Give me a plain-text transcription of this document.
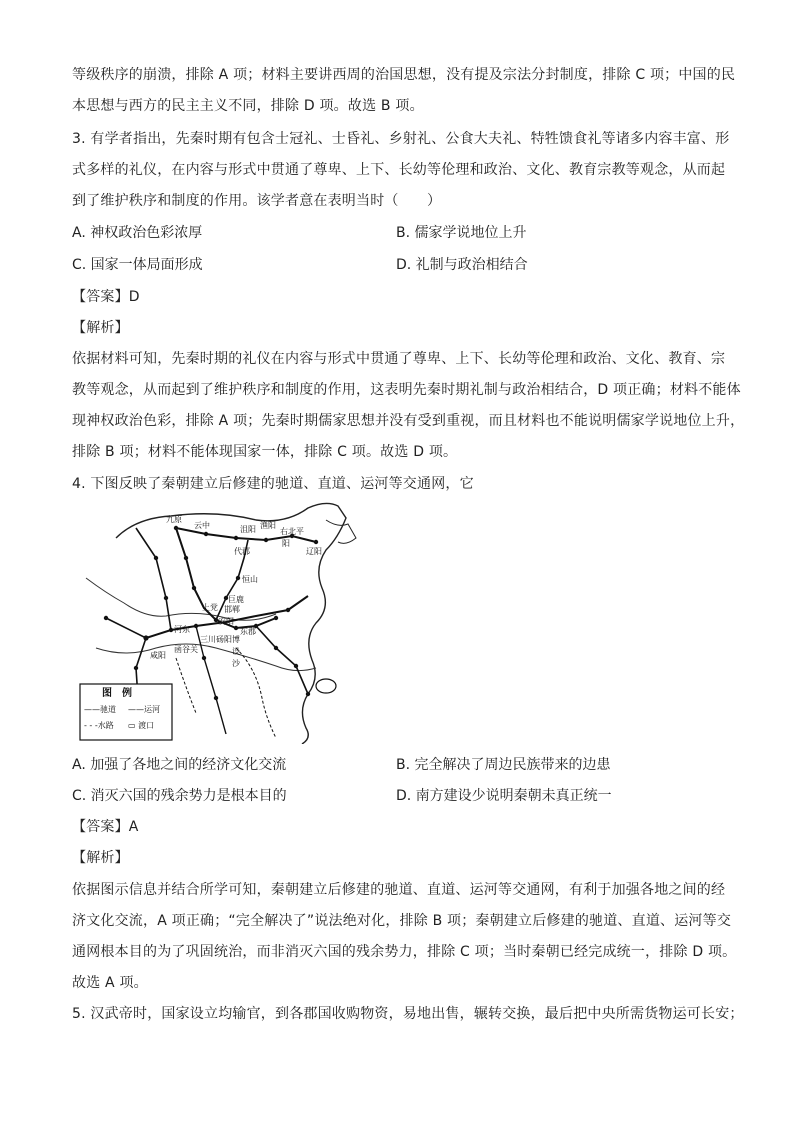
等级秩序的崩溃，排除 A 项；材料主要讲西周的治国思想，没有提及宗法分封制度，排除 C 项；中国的民
本思想与西方的民主主义不同，排除 D 项。故选 B 项。
3. 有学者指出，先秦时期有包含士冠礼、士昏礼、乡射礼、公食大夫礼、特牲馈食礼等诸多内容丰富、形
式多样的礼仪，在内容与形式中贯通了尊卑、上下、长幼等伦理和政治、文化、教育宗教等观念，从而起
到了维护秩序和制度的作用。该学者意在表明当时（　　）
A. 神权政治色彩浓厚	B. 儒家学说地位上升
C. 国家一体局面形成	D. 礼制与政治相结合
【答案】D
【解析】
依据材料可知，先秦时期的礼仪在内容与形式中贯通了尊卑、上下、长幼等伦理和政治、文化、教育、宗
教等观念，从而起到了维护秩序和制度的作用，这表明先秦时期礼制与政治相结合，D 项正确；材料不能体
现神权政治色彩，排除 A 项；先秦时期儒家思想并没有受到重视，而且材料也不能说明儒家学说地位上升，
排除 B 项；材料不能体现国家一体，排除 C 项。故选 D 项。
4. 下图反映了秦朝建立后修建的驰道、直道、运河等交通网，它
九原
云中	沮阳 渔阳
右北平
阳
辽阳
代郡
恒山
巨鹿
上党 邯郸
安阳
河东	东郡
咸阳
函谷关
三川 砀阳 博
设
沙
图　例
——驰道 ——运河
- - -水路 ▭ 渡口
A. 加强了各地之间的经济文化交流	B. 完全解决了周边民族带来的边患
C. 消灭六国的残余势力是根本目的	D. 南方建设少说明秦朝未真正统一
【答案】A
【解析】
依据图示信息并结合所学可知，秦朝建立后修建的驰道、直道、运河等交通网，有利于加强各地之间的经
济文化交流，A 项正确；“完全解决了”说法绝对化，排除 B 项；秦朝建立后修建的驰道、直道、运河等交
通网根本目的为了巩固统治，而非消灭六国的残余势力，排除 C 项；当时秦朝已经完成统一，排除 D 项。
故选 A 项。
5. 汉武帝时，国家设立均输官，到各郡国收购物资，易地出售，辗转交换，最后把中央所需货物运可长安；
